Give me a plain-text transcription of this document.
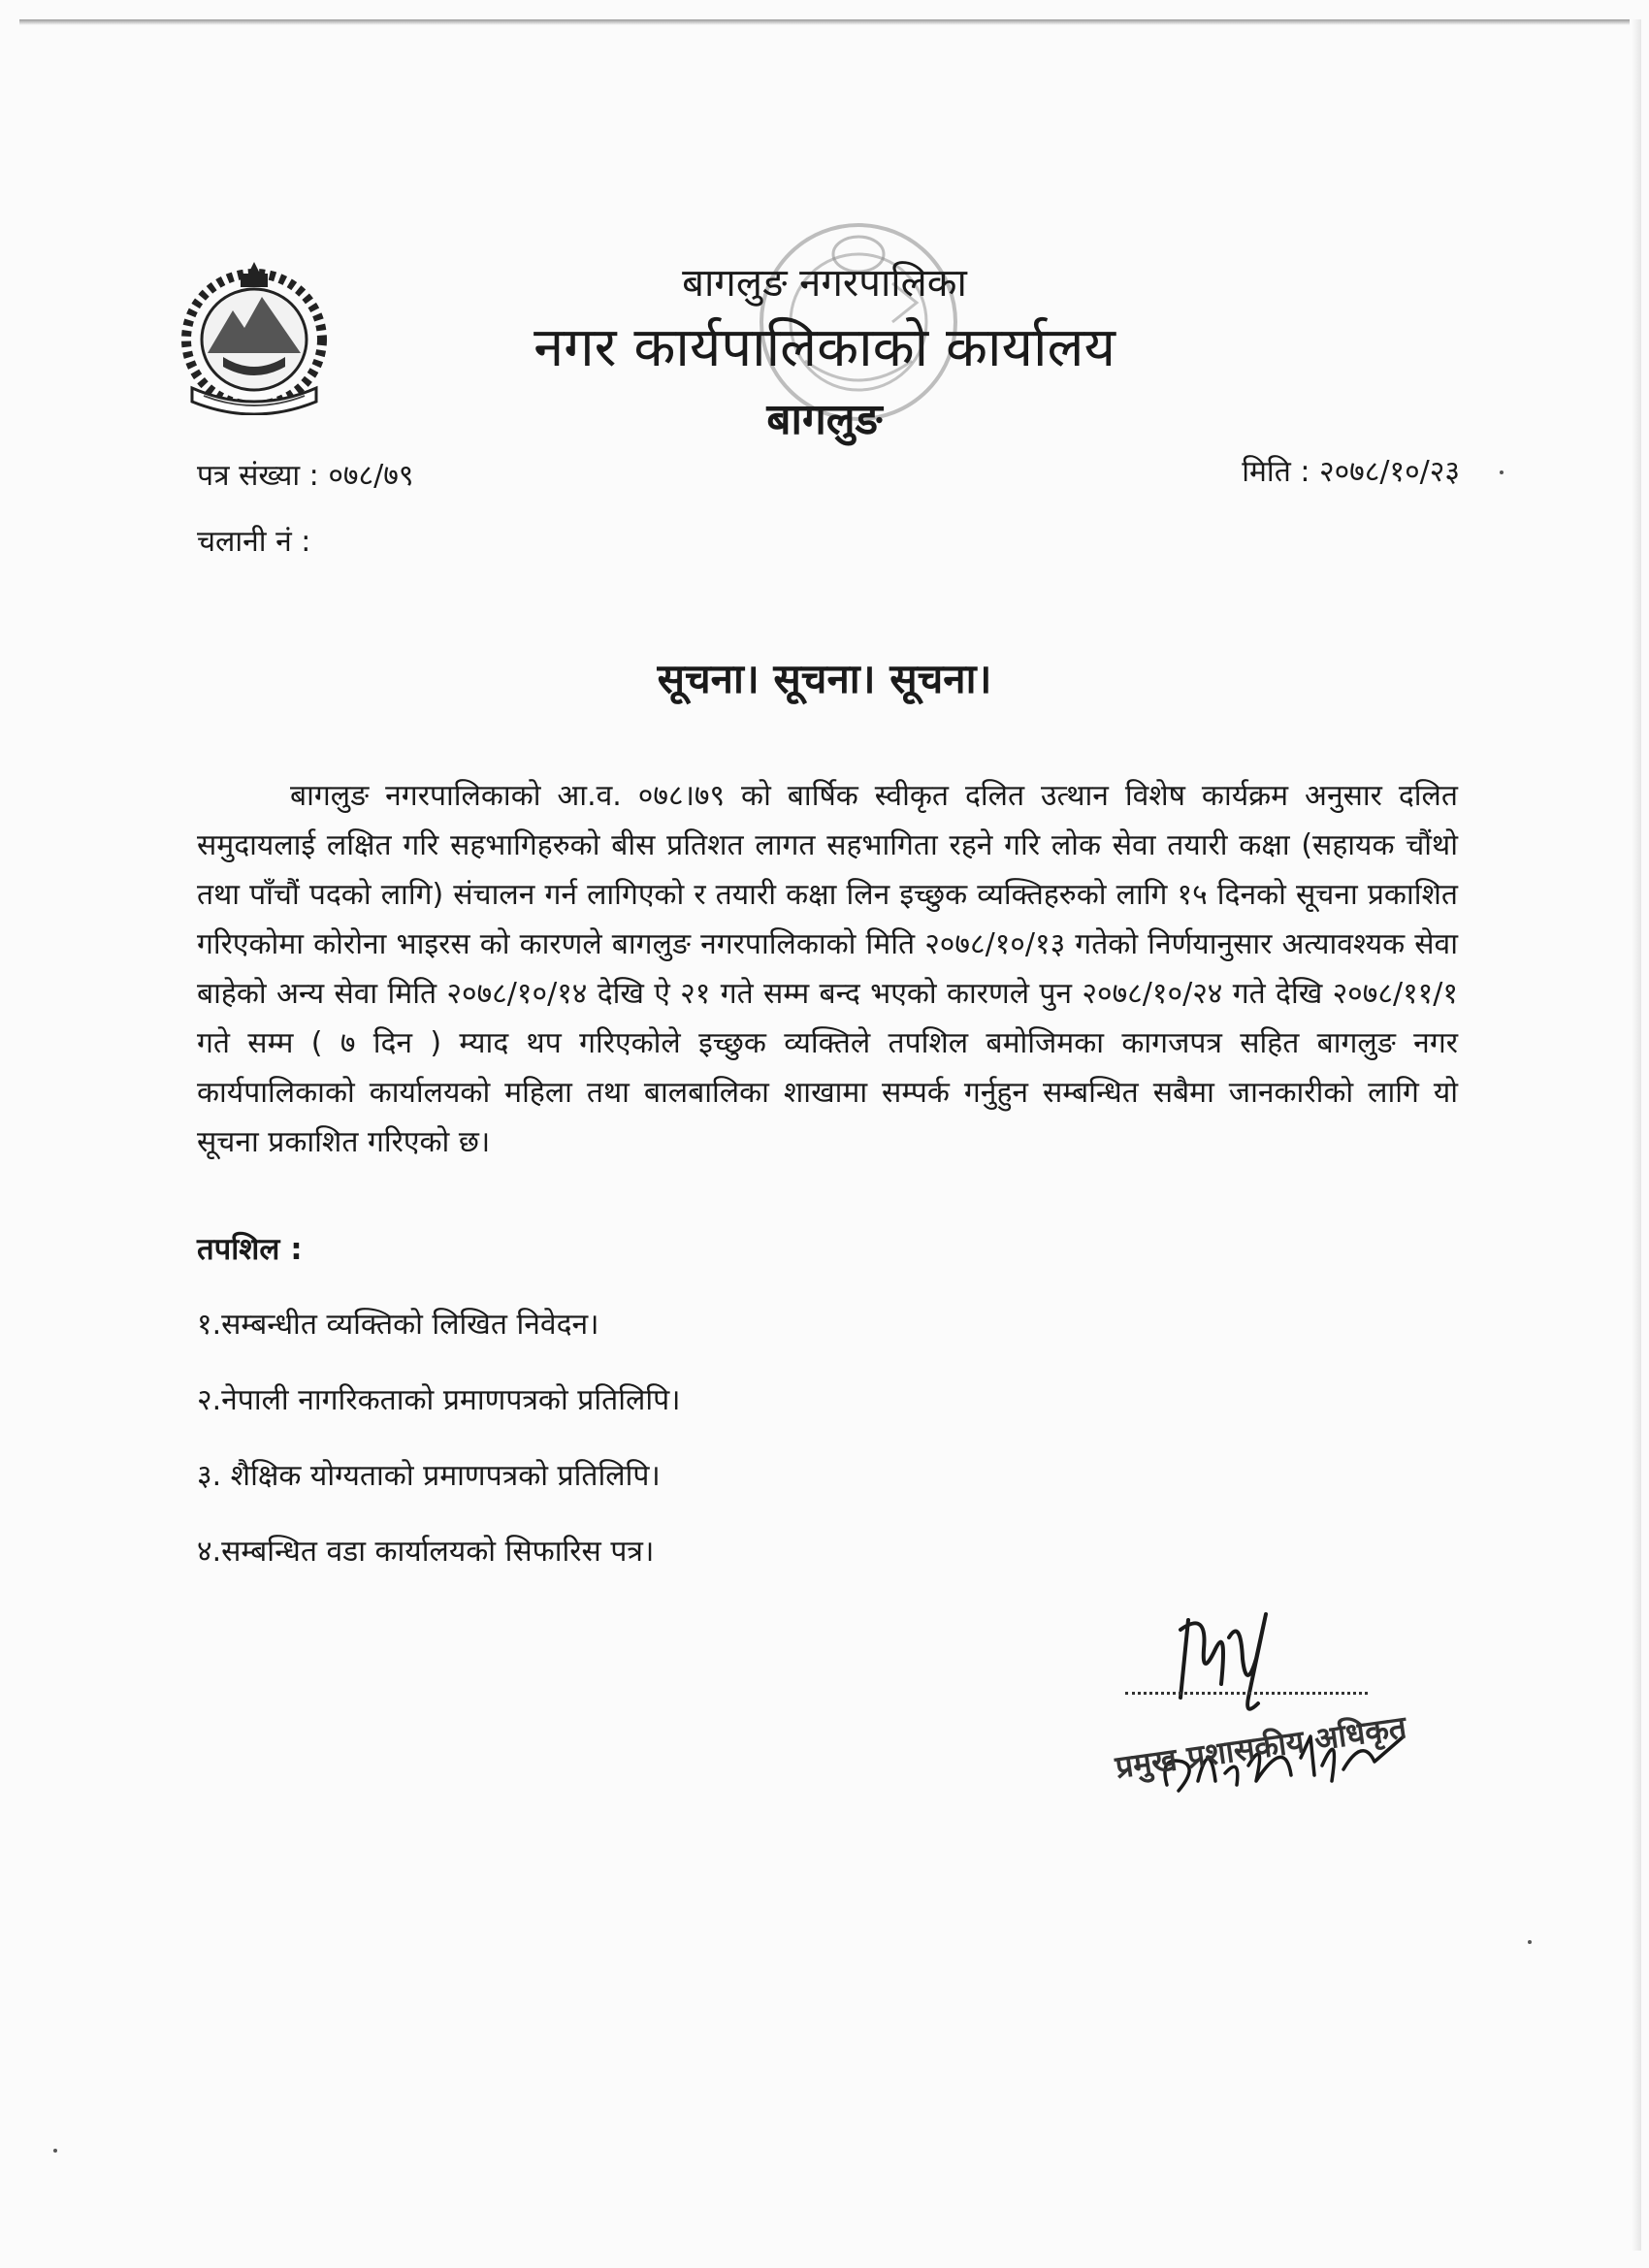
बागलुङ नगरपालिका
नगर कार्यपालिकाको कार्यालय
बागलुङ
पत्र संख्या : ०७८/७९
चलानी नं :
मिति : २०७८/१०/२३
सूचना। सूचना। सूचना।

बागलुङ नगरपालिकाको आ.व. ०७८।७९ को बार्षिक स्वीकृत दलित उत्थान विशेष कार्यक्रम अनुसार दलित समुदायलाई लक्षित गरि सहभागिहरुको बीस प्रतिशत लागत सहभागिता रहने गरि लोक सेवा तयारी कक्षा (सहायक चौंथो तथा पाँचौं पदको लागि) संचालन गर्न लागिएको र तयारी कक्षा लिन इच्छुक व्यक्तिहरुको लागि १५ दिनको सूचना प्रकाशित गरिएकोमा कोरोना भाइरस को कारणले बागलुङ नगरपालिकाको मिति २०७८/१०/१३ गतेको निर्णयानुसार अत्यावश्यक सेवा बाहेको अन्य सेवा मिति २०७८/१०/१४ देखि ऐ २१ गते सम्म बन्द भएको कारणले पुन २०७८/१०/२४ गते देखि २०७८/११/१ गते सम्म ( ७ दिन ) म्याद थप गरिएकोले इच्छुक व्यक्तिले तपशिल बमोजिमका कागजपत्र सहित बागलुङ नगर कार्यपालिकाको कार्यालयको महिला तथा बालबालिका शाखामा सम्पर्क गर्नुहुन सम्बन्धित सबैमा जानकारीको लागि यो सूचना प्रकाशित गरिएको छ।

तपशिल :
१.सम्बन्धीत व्यक्तिको लिखित निवेदन।
२.नेपाली नागरिकताको प्रमाणपत्रको प्रतिलिपि।
३. शैक्षिक योग्यताको प्रमाणपत्रको प्रतिलिपि।
४.सम्बन्धित वडा कार्यालयको सिफारिस पत्र।
प्रमुख प्रशासकीय अधिकृत
